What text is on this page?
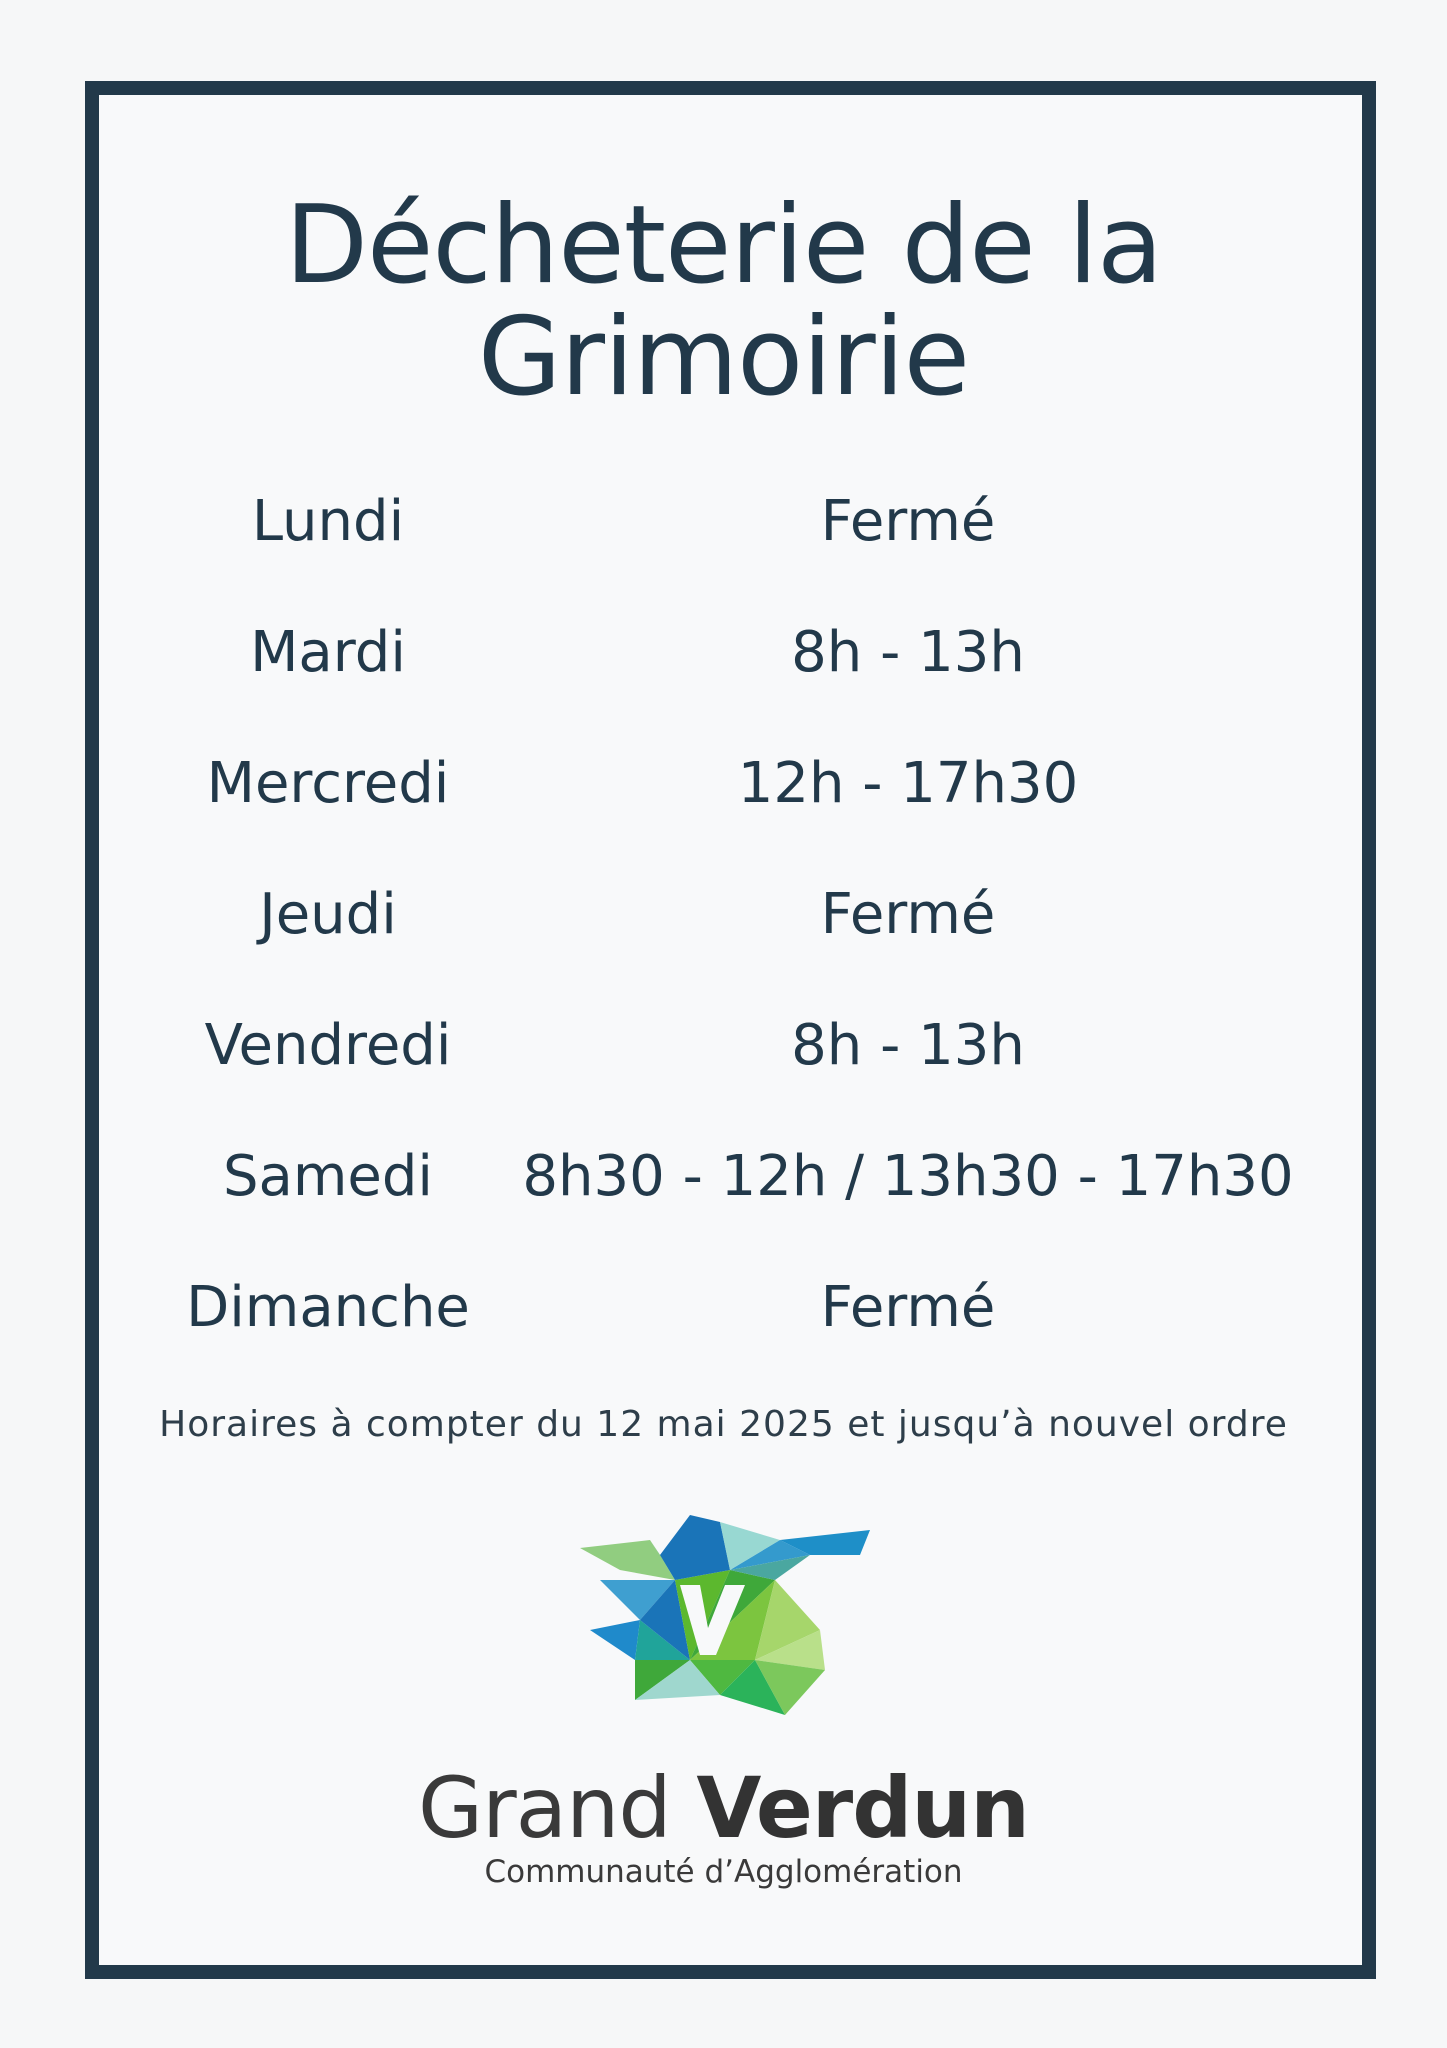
Décheterie de la
Grimoirie
Lundi	Fermé
Mardi	8h - 13h
Mercredi	12h - 17h30
Jeudi	Fermé
Vendredi	8h - 13h
Samedi 8h30 - 12h / 13h30 - 17h30
Dimanche	Fermé
Horaires à compter du 12 mai 2025 et jusqu’à nouvel ordre
Grand Verdun
Communauté d’Agglomération
